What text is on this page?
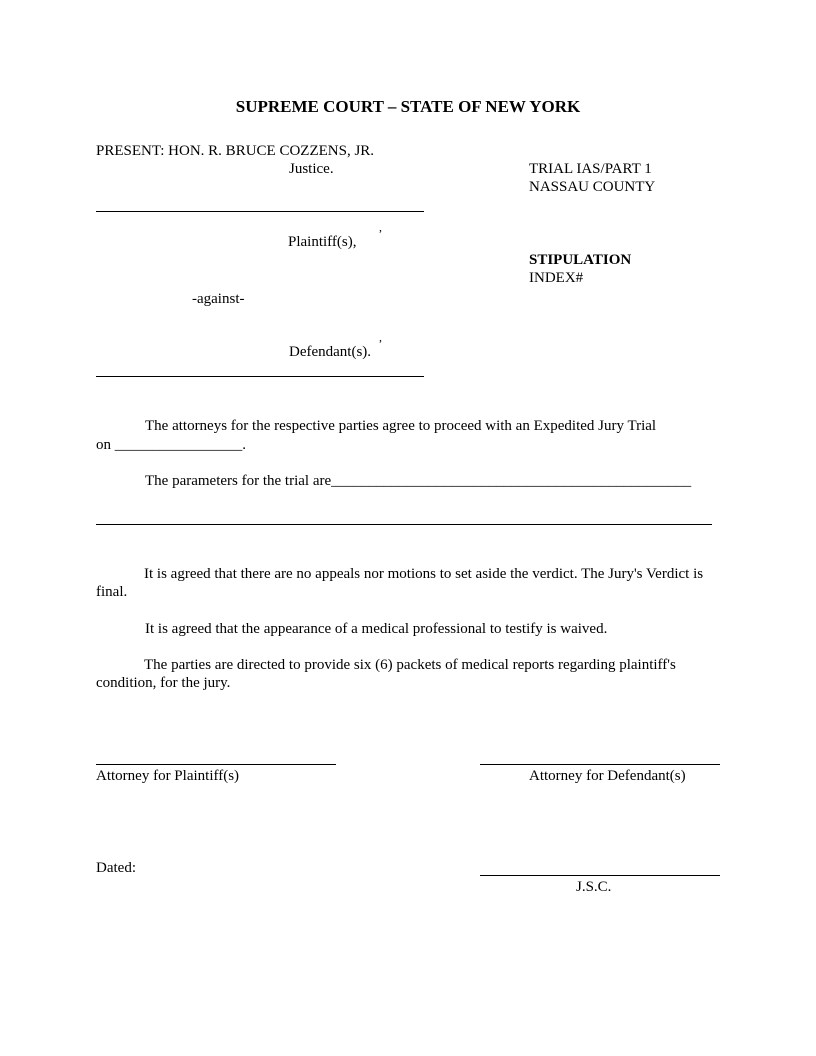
SUPREME COURT – STATE OF NEW YORK
PRESENT: HON. R. BRUCE COZZENS, JR.
Justice.	TRIAL IAS/PART 1
NASSAU COUNTY
,
Plaintiff(s),
STIPULATION
INDEX#
-against-
,
Defendant(s).
The attorneys for the respective parties agree to proceed with an Expedited Jury Trial
on _________________.
The parameters for the trial are________________________________________________
It is agreed that there are no appeals nor motions to set aside the verdict. The Jury's Verdict is final.
It is agreed that the appearance of a medical professional to testify is waived.
The parties are directed to provide six (6) packets of medical reports regarding plaintiff's condition, for the jury.
Attorney for Plaintiff(s)	Attorney for Defendant(s)
Dated:
J.S.C.
